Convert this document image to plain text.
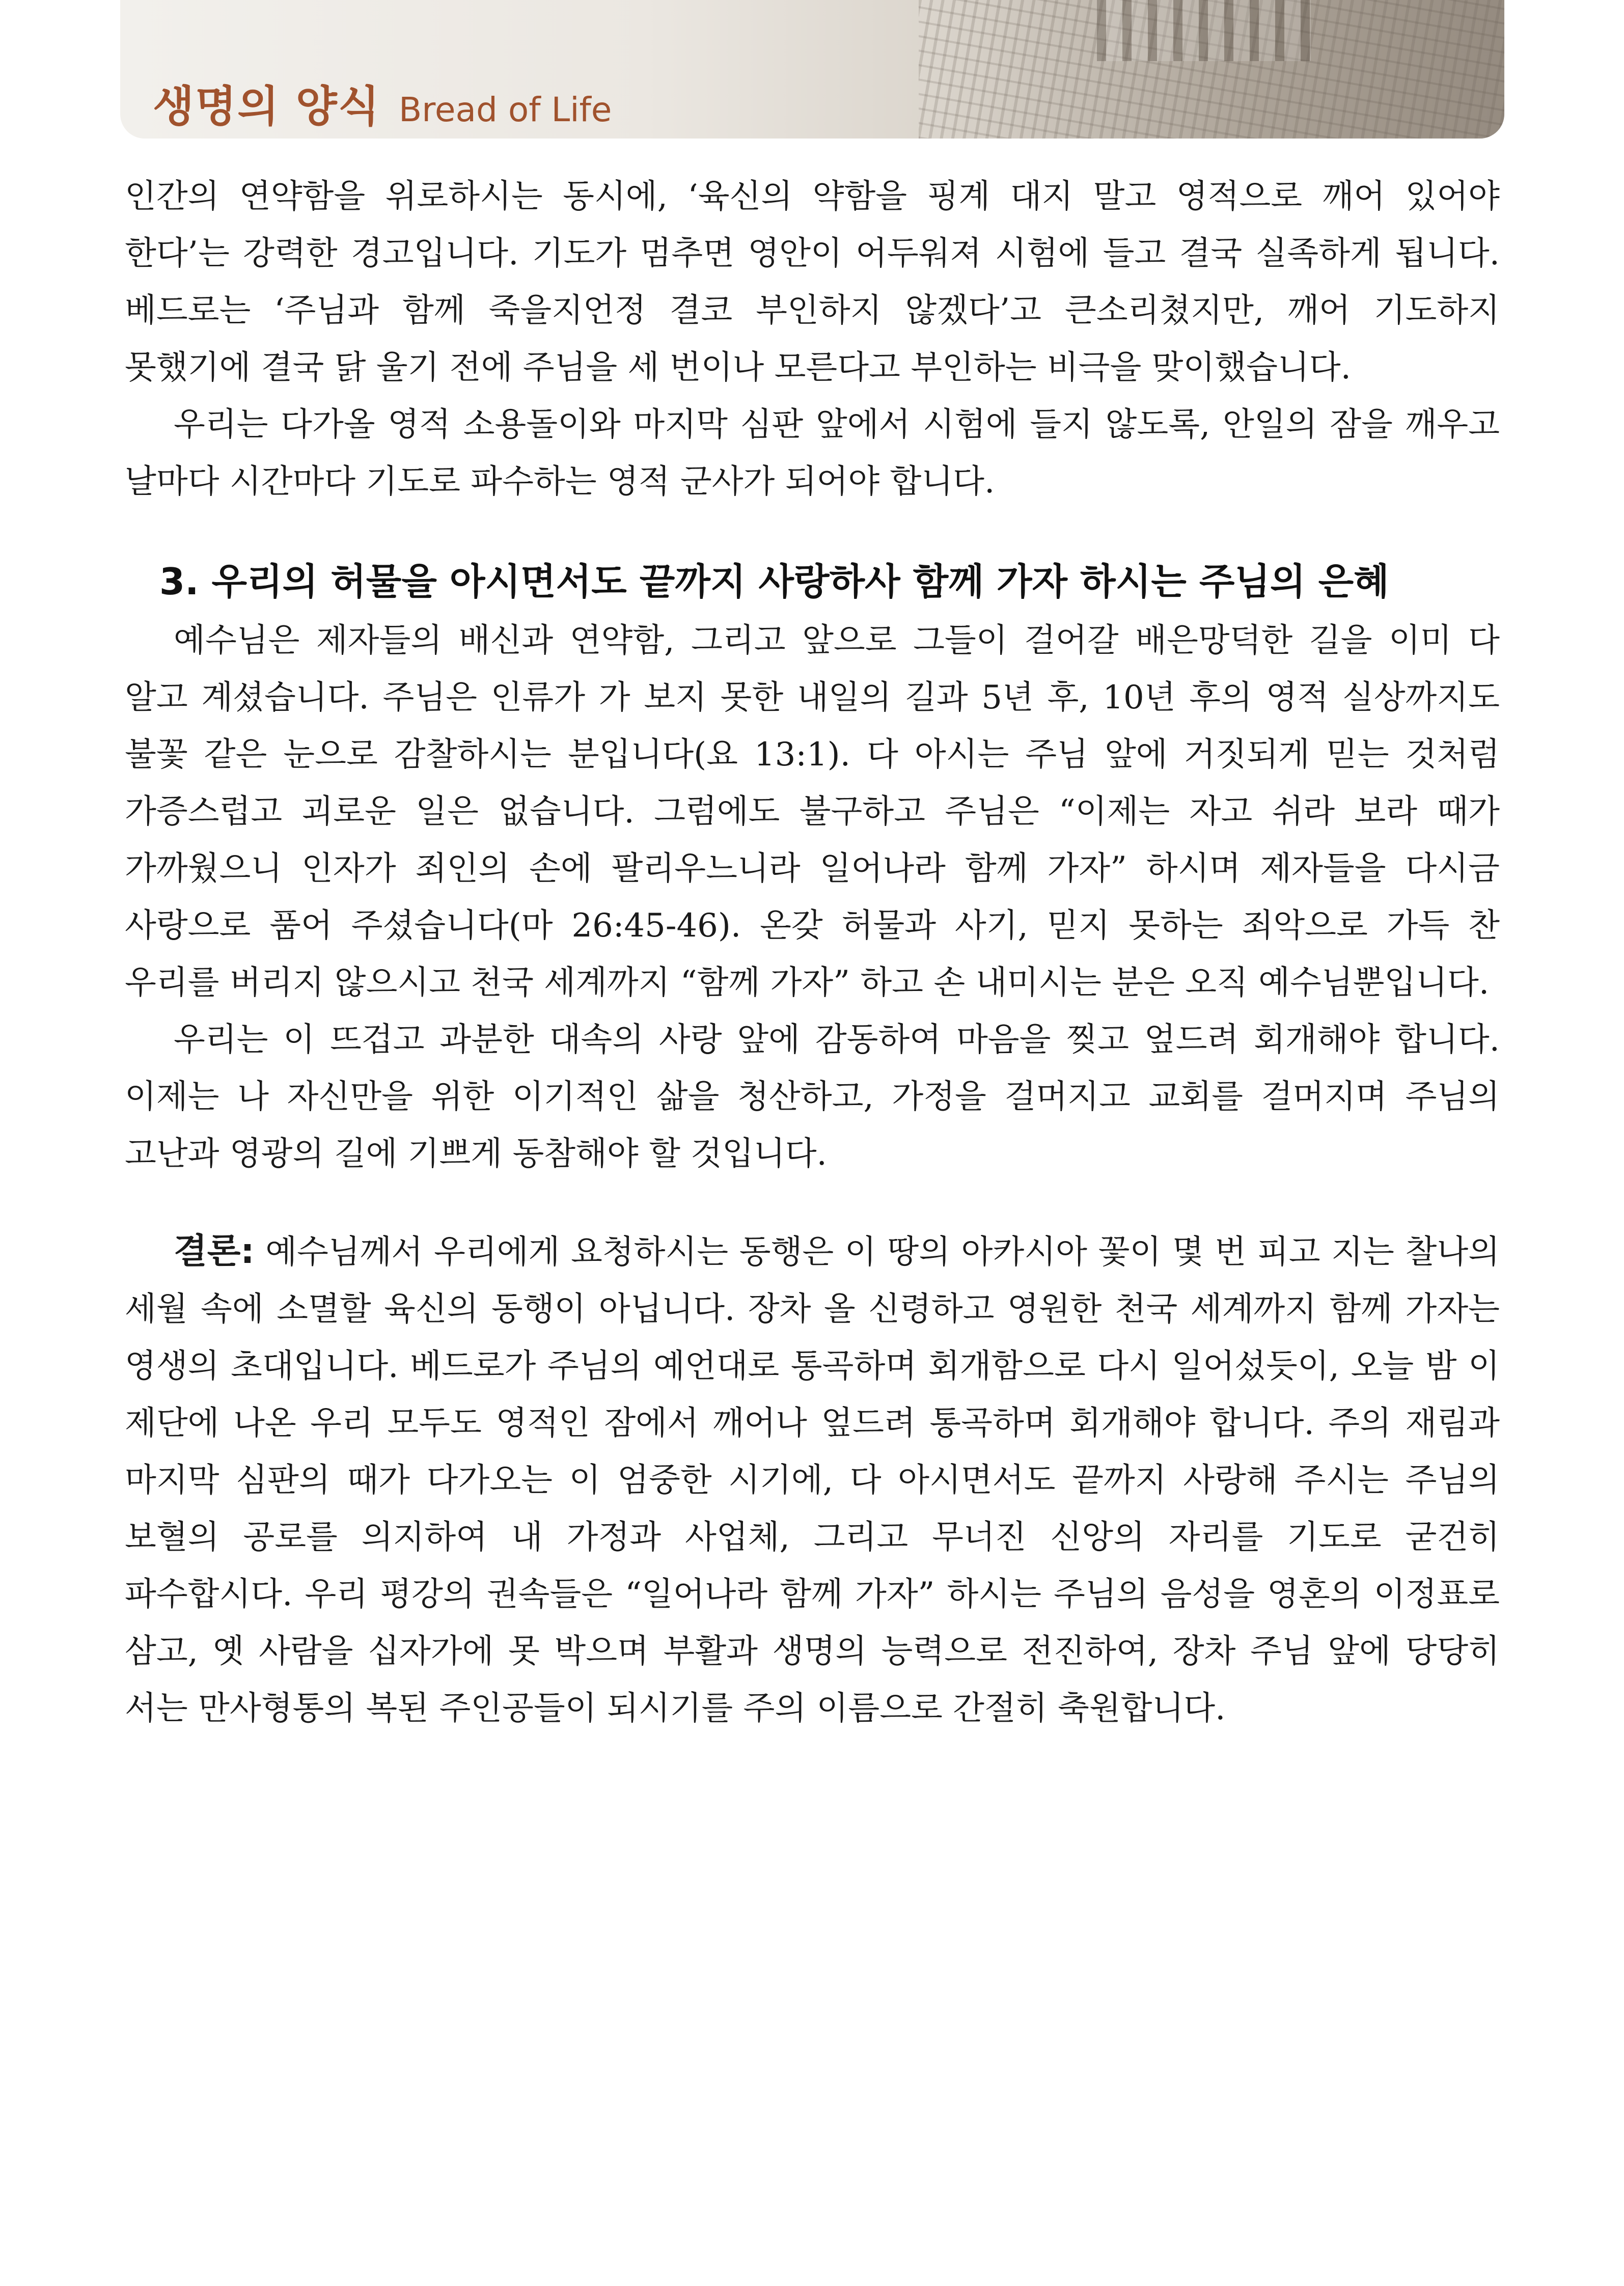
생명의 양식 Bread of Life

인간의 연약함을 위로하시는 동시에, ‘육신의 약함을 핑계 대지 말고 영적으로 깨어 있어야 한다’는 강력한 경고입니다. 기도가 멈추면 영안이 어두워져 시험에 들고 결국 실족하게 됩니다. 베드로는 ‘주님과 함께 죽을지언정 결코 부인하지 않겠다’고 큰소리쳤지만, 깨어 기도하지 못했기에 결국 닭 울기 전에 주님을 세 번이나 모른다고 부인하는 비극을 맞이했습니다.

우리는 다가올 영적 소용돌이와 마지막 심판 앞에서 시험에 들지 않도록, 안일의 잠을 깨우고 날마다 시간마다 기도로 파수하는 영적 군사가 되어야 합니다.

3. 우리의 허물을 아시면서도 끝까지 사랑하사 함께 가자 하시는 주님의 은혜

예수님은 제자들의 배신과 연약함, 그리고 앞으로 그들이 걸어갈 배은망덕한 길을 이미 다 알고 계셨습니다. 주님은 인류가 가 보지 못한 내일의 길과 5년 후, 10년 후의 영적 실상까지도 불꽃 같은 눈으로 감찰하시는 분입니다(요 13:1). 다 아시는 주님 앞에 거짓되게 믿는 것처럼 가증스럽고 괴로운 일은 없습니다. 그럼에도 불구하고 주님은 “이제는 자고 쉬라 보라 때가 가까웠으니 인자가 죄인의 손에 팔리우느니라 일어나라 함께 가자” 하시며 제자들을 다시금 사랑으로 품어 주셨습니다(마 26:45-46). 온갖 허물과 사기, 믿지 못하는 죄악으로 가득 찬 우리를 버리지 않으시고 천국 세계까지 “함께 가자” 하고 손 내미시는 분은 오직 예수님뿐입니다.

우리는 이 뜨겁고 과분한 대속의 사랑 앞에 감동하여 마음을 찢고 엎드려 회개해야 합니다. 이제는 나 자신만을 위한 이기적인 삶을 청산하고, 가정을 걸머지고 교회를 걸머지며 주님의 고난과 영광의 길에 기쁘게 동참해야 할 것입니다.

결론: 예수님께서 우리에게 요청하시는 동행은 이 땅의 아카시아 꽃이 몇 번 피고 지는 찰나의 세월 속에 소멸할 육신의 동행이 아닙니다. 장차 올 신령하고 영원한 천국 세계까지 함께 가자는 영생의 초대입니다. 베드로가 주님의 예언대로 통곡하며 회개함으로 다시 일어섰듯이, 오늘 밤 이 제단에 나온 우리 모두도 영적인 잠에서 깨어나 엎드려 통곡하며 회개해야 합니다. 주의 재림과 마지막 심판의 때가 다가오는 이 엄중한 시기에, 다 아시면서도 끝까지 사랑해 주시는 주님의 보혈의 공로를 의지하여 내 가정과 사업체, 그리고 무너진 신앙의 자리를 기도로 굳건히 파수합시다. 우리 평강의 권속들은 “일어나라 함께 가자” 하시는 주님의 음성을 영혼의 이정표로 삼고, 옛 사람을 십자가에 못 박으며 부활과 생명의 능력으로 전진하여, 장차 주님 앞에 당당히 서는 만사형통의 복된 주인공들이 되시기를 주의 이름으로 간절히 축원합니다.
